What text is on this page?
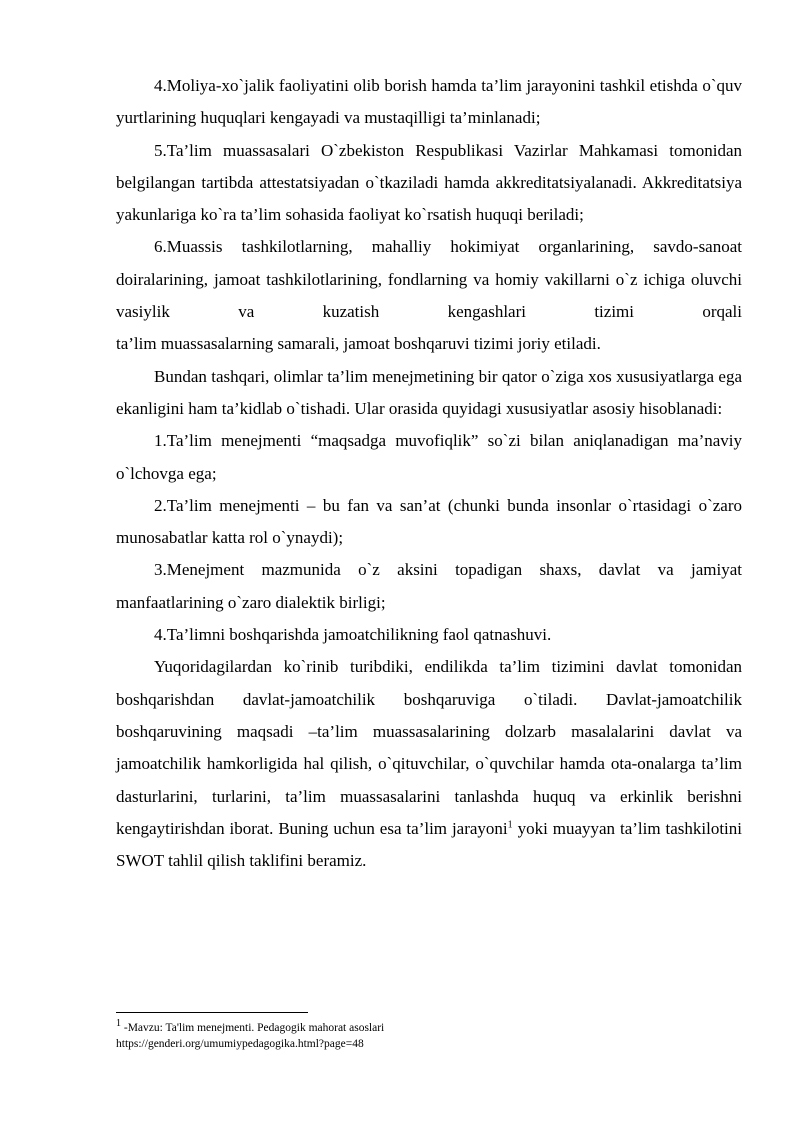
4.Moliya-xo`jalik faoliyatini olib borish hamda ta’lim jarayonini tashkil etishda o`quv yurtlarining huquqlari kengayadi va mustaqilligi ta’minlanadi;

5.Ta’lim muassasalari O`zbekiston Respublikasi Vazirlar Mahkamasi tomonidan belgilangan tartibda attestatsiyadan o`tkaziladi hamda akkreditatsiyalanadi. Akkreditatsiya yakunlariga ko`ra ta’lim sohasida faoliyat ko`rsatish huquqi beriladi;

6.Muassis tashkilotlarning, mahalliy hokimiyat organlarining, savdo-sanoat doiralarining, jamoat tashkilotlarining, fondlarning va homiy vakillarni o`z ichiga oluvchi vasiylik va kuzatish kengashlari tizimi orqali

ta’lim muassasalarning samarali, jamoat boshqaruvi tizimi joriy etiladi.

Bundan tashqari, olimlar ta’lim menejmetining bir qator o`ziga xos xususiyatlarga ega ekanligini ham ta’kidlab o`tishadi. Ular orasida quyidagi xususiyatlar asosiy hisoblanadi:

1.Ta’lim menejmenti “maqsadga muvofiqlik” so`zi bilan aniqlanadigan ma’naviy o`lchovga ega;

2.Ta’lim menejmenti – bu fan va san’at (chunki bunda insonlar o`rtasidagi o`zaro munosabatlar katta rol o`ynaydi);

3.Menejment mazmunida o`z aksini topadigan shaxs, davlat va jamiyat manfaatlarining o`zaro dialektik birligi;

4.Ta’limni boshqarishda jamoatchilikning faol qatnashuvi.

Yuqoridagilardan ko`rinib turibdiki, endilikda ta’lim tizimini davlat tomonidan boshqarishdan davlat-jamoatchilik boshqaruviga o`tiladi. Davlat-jamoatchilik boshqaruvining maqsadi –ta’lim muassasalarining dolzarb masalalarini davlat va jamoatchilik hamkorligida hal qilish, o`qituvchilar, o`quvchilar hamda ota-onalarga ta’lim dasturlarini, turlarini, ta’lim muassasalarini tanlashda huquq va erkinlik berishni kengaytirishdan iborat. Buning uchun esa ta’lim jarayoni$^1$ yoki muayyan ta’lim tashkilotini SWOT tahlil qilish taklifini beramiz.

1 -Mavzu: Ta'lim menejmenti. Pedagogik mahorat asoslari

https://genderi.org/umumiypedagogika.html?page=48
